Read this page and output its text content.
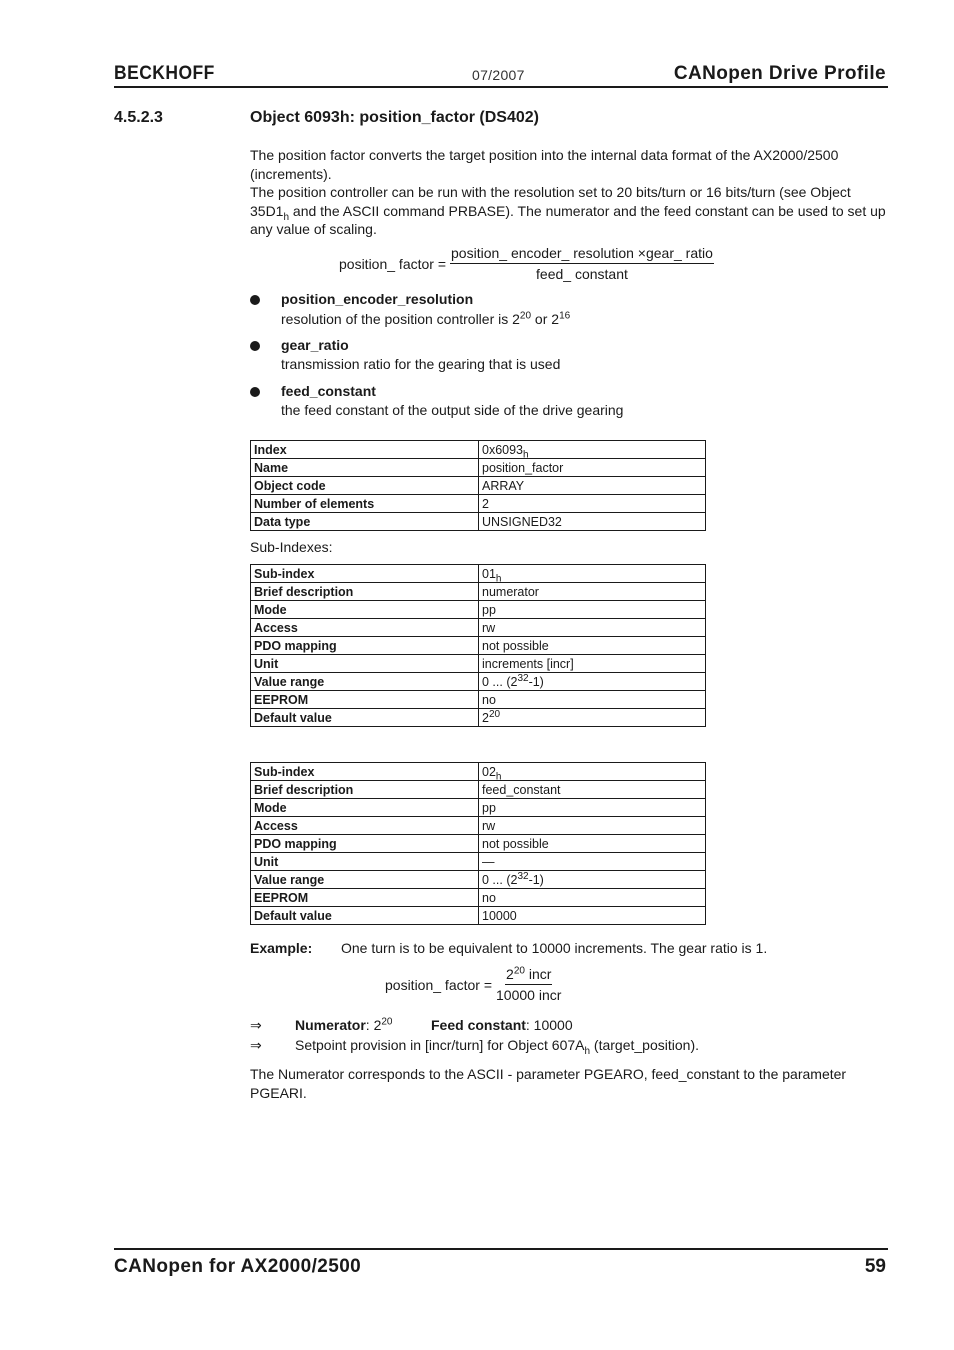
BECKHOFF	07/2007	CANopen Drive Profile
4.5.2.3	Object 6093h: position_factor (DS402)
The position factor converts the target position into the internal data format of the AX2000/2500 (increments).
The position controller can be run with the resolution set to 20 bits/turn or 16 bits/turn (see Object $35D1_h$ and the ASCII command PRBASE). The numerator and the feed constant can be used to set up any value of scaling.
position_ factor = $\frac{\text{position\_ encoder\_ resolution ×gear\_ ratio}}{\text{feed\_ constant}}$
position_encoder_resolution
resolution of the position controller is $2^{20}$ or $2^{16}$
gear_ratio
transmission ratio for the gearing that is used
feed_constant
the feed constant of the output side of the drive gearing
Index	$0x6093_h$
Name	position_factor
Object code	ARRAY
Number of elements	2
Data type	UNSIGNED32
Sub-Indexes:
Sub-index	$01_h$
Brief description	numerator
Mode	pp
Access	rw
PDO mapping	not possible
Unit	increments [incr]
Value range	0 ... $(2^{32}-1)$
EEPROM	no
Default value	$2^{20}$
Sub-index	$02_h$
Brief description	feed_constant
Mode	pp
Access	rw
PDO mapping	not possible
Unit	—
Value range	0 ... $(2^{32}-1)$
EEPROM	no
Default value	10000
Example: One turn is to be equivalent to 10000 increments. The gear ratio is 1.
position_ factor = $\frac{2^{20} incr}{\text{10000 incr}}$
⇒ Numerator: $2^{20}$	Feed constant: 10000
⇒ Setpoint provision in [incr/turn] for Object $607A_h$ (target_position).
The Numerator corresponds to the ASCII - parameter PGEARO, feed_constant to the parameter PGEARI.
CANopen for AX2000/2500	59
